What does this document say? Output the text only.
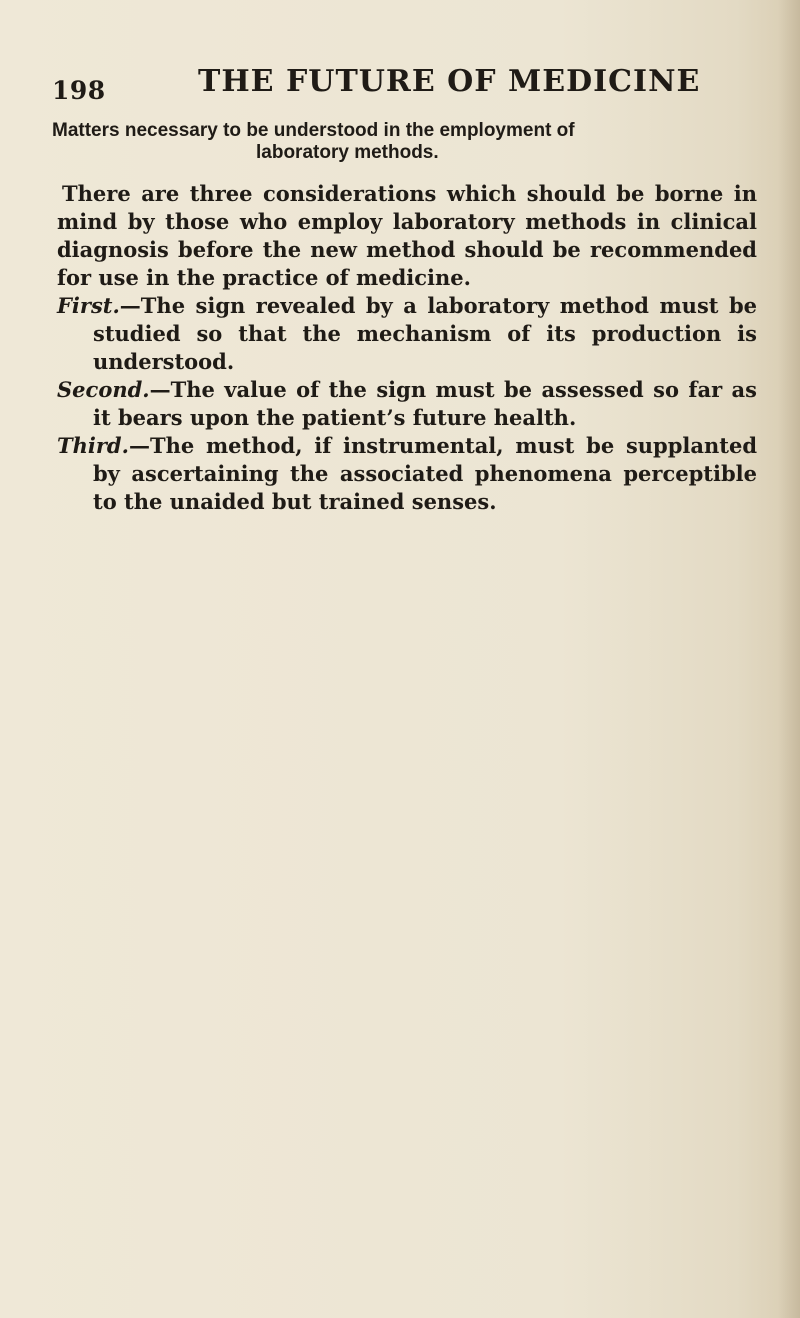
198	THE FUTURE OF MEDICINE
Matters necessary to be understood in the employment of
laboratory methods.

There are three considerations which should be borne in mind by those who employ laboratory methods in clinical diagnosis before the new method should be recommended for use in the practice of medicine.

First.—The sign revealed by a laboratory method must be studied so that the mechanism of its production is understood.

Second.—The value of the sign must be assessed so far as it bears upon the patient’s future health.

Third.—The method, if instrumental, must be supplanted by ascertaining the associated phenomena perceptible to the unaided but trained senses.
